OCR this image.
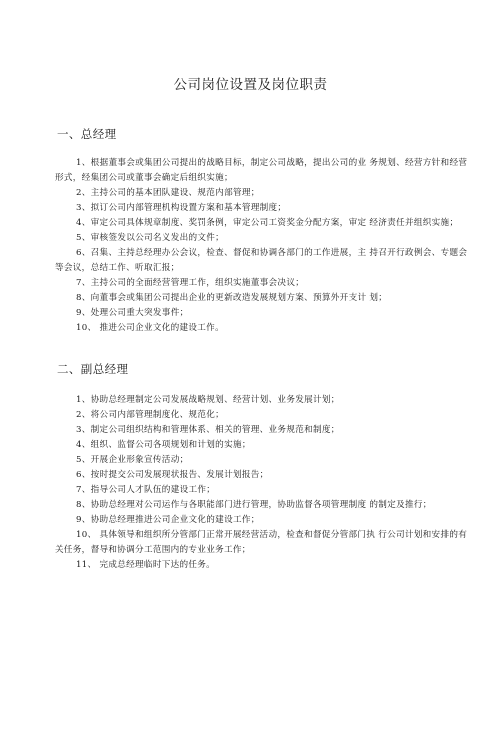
公司岗位设置及岗位职责
一、总经理
1、根据董事会或集团公司提出的战略目标，制定公司战略，提出公司的业 务规划、经营方针和经营形式，经集团公司或董事会确定后组织实施；
2、主持公司的基本团队建设、规范内部管理；
3、拟订公司内部管理机构设置方案和基本管理制度；
4、审定公司具体规章制度、奖罚条例，审定公司工资奖金分配方案，审定 经济责任并组织实施；
5、审核签发以公司名义发出的文件；
6、召集、主持总经理办公会议，检查、督促和协调各部门的工作进展，主 持召开行政例会、专题会等会议，总结工作、听取汇报；
7、主持公司的全面经营管理工作，组织实施董事会决议；
8、向董事会或集团公司提出企业的更新改造发展规划方案、预算外开支计 划；
9、处理公司重大突发事件；
10、 推进公司企业文化的建设工作。
二、副总经理
1、协助总经理制定公司发展战略规划、经营计划、业务发展计划；
2、将公司内部管理制度化、规范化；
3、制定公司组织结构和管理体系、相关的管理、业务规范和制度；
4、组织、监督公司各项规划和计划的实施；
5、开展企业形象宣传活动；
6、按时提交公司发展现状报告、发展计划报告；
7、指导公司人才队伍的建设工作；
8、协助总经理对公司运作与各职能部门进行管理，协助监督各项管理制度 的制定及推行；
9、协助总经理推进公司企业文化的建设工作；
10、 具体领导和组织所分管部门正常开展经营活动，检查和督促分管部门执 行公司计划和安排的有关任务，督导和协调分工范围内的专业业务工作；
11、 完成总经理临时下达的任务。
